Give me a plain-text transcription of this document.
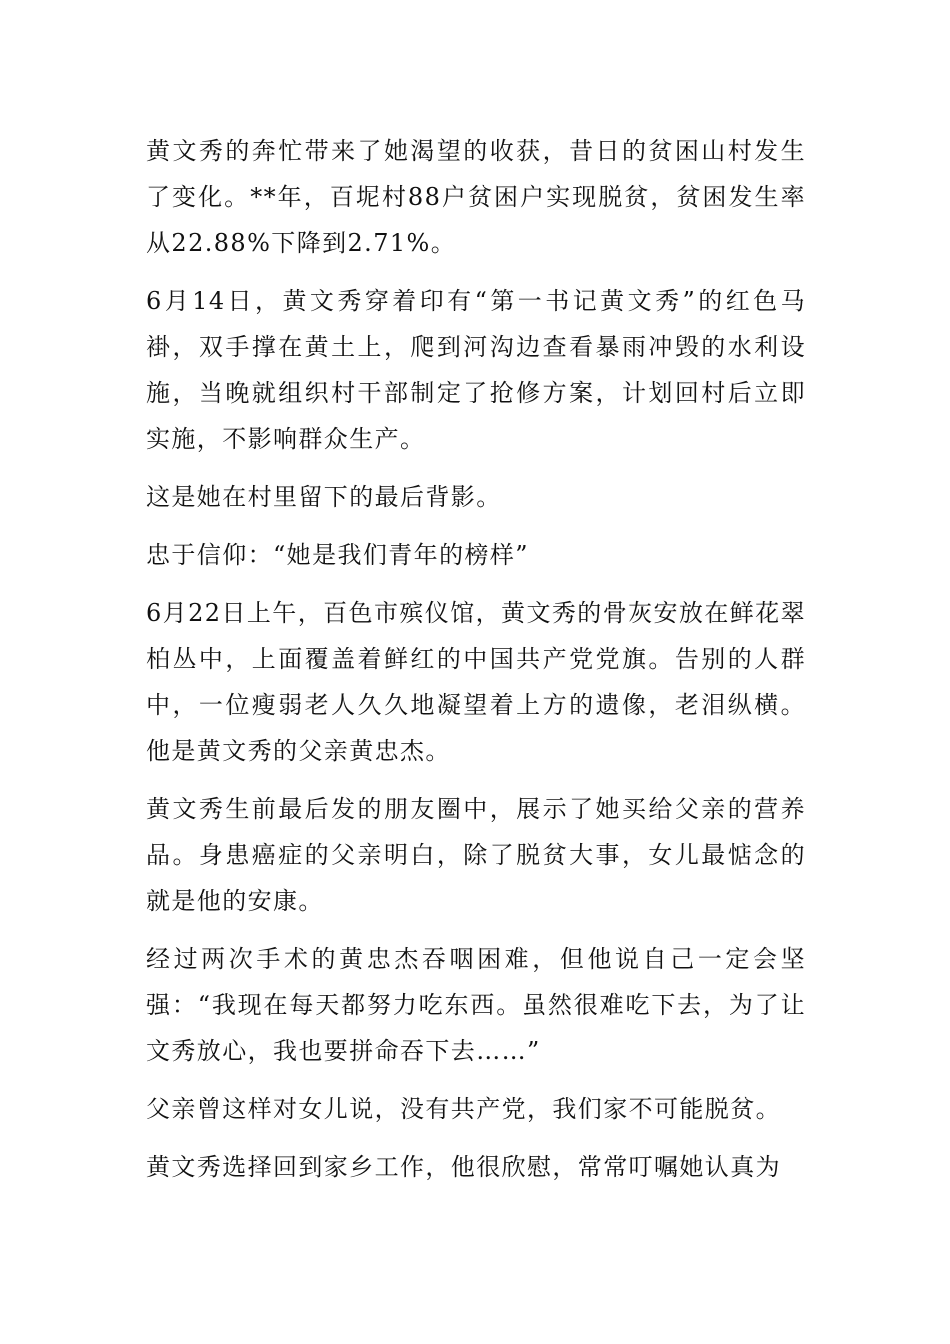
黄文秀的奔忙带来了她渴望的收获，昔日的贫困山村发生了变化。**年，百坭村88户贫困户实现脱贫，贫困发生率从22.88%下降到2.71%。

6月14日，黄文秀穿着印有“第一书记黄文秀”的红色马褂，双手撑在黄土上，爬到河沟边查看暴雨冲毁的水利设施，当晚就组织村干部制定了抢修方案，计划回村后立即实施，不影响群众生产。

这是她在村里留下的最后背影。

忠于信仰：“她是我们青年的榜样”

6月22日上午，百色市殡仪馆，黄文秀的骨灰安放在鲜花翠柏丛中，上面覆盖着鲜红的中国共产党党旗。告别的人群中，一位瘦弱老人久久地凝望着上方的遗像，老泪纵横。他是黄文秀的父亲黄忠杰。

黄文秀生前最后发的朋友圈中，展示了她买给父亲的营养品。身患癌症的父亲明白，除了脱贫大事，女儿最惦念的就是他的安康。

经过两次手术的黄忠杰吞咽困难，但他说自己一定会坚强：“我现在每天都努力吃东西。虽然很难吃下去，为了让文秀放心，我也要拼命吞下去……”

父亲曾这样对女儿说，没有共产党，我们家不可能脱贫。

黄文秀选择回到家乡工作，他很欣慰，常常叮嘱她认真为
